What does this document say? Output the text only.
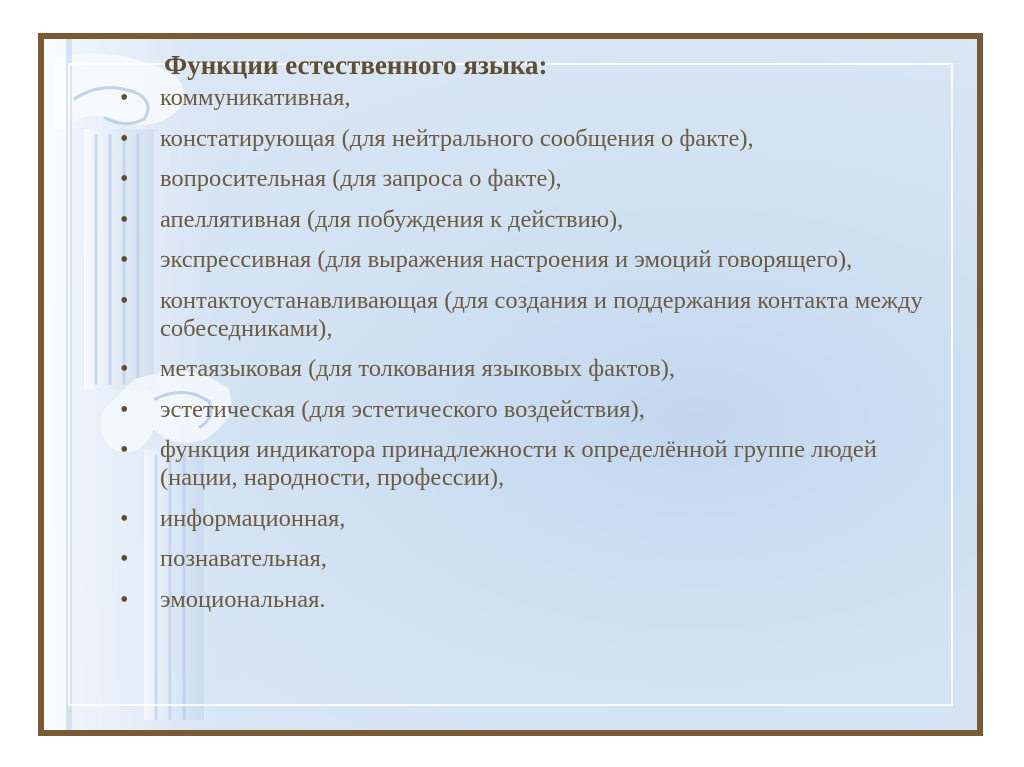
Функции естественного языка:
• коммуникативная,
• констатирующая (для нейтрального сообщения о факте),
• вопросительная (для запроса о факте),
• апеллятивная (для побуждения к действию),
• экспрессивная (для выражения настроения и эмоций говорящего),
• контактоустанавливающая (для создания и поддержания контакта между собеседниками),
• метаязыковая (для толкования языковых фактов),
• эстетическая (для эстетического воздействия),
• функция индикатора принадлежности к определённой группе людей (нации, народности, профессии),
• информационная,
• познавательная,
• эмоциональная.
